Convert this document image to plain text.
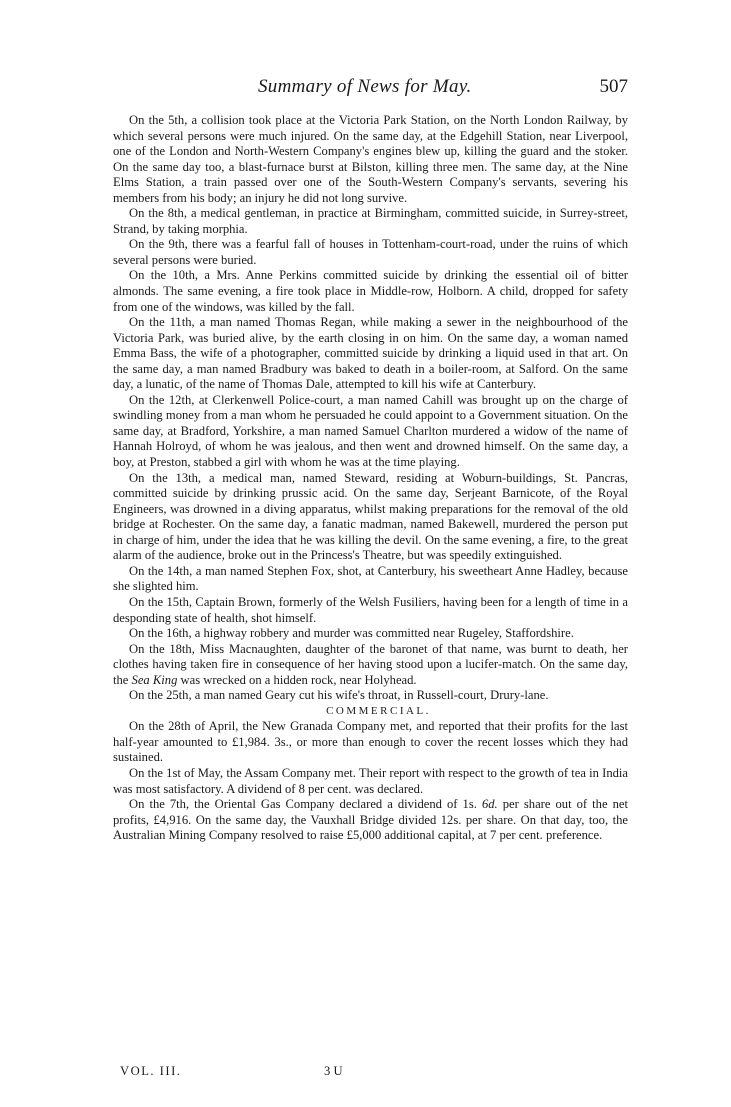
Summary of News for May.	507

On the 5th, a collision took place at the Victoria Park Station, on the North London Railway, by which several persons were much injured. On the same day, at the Edgehill Station, near Liverpool, one of the London and North-Western Company's engines blew up, killing the guard and the stoker. On the same day too, a blast-furnace burst at Bilston, killing three men. The same day, at the Nine Elms Station, a train passed over one of the South-Western Company's servants, severing his members from his body; an injury he did not long survive.

On the 8th, a medical gentleman, in practice at Birmingham, committed suicide, in Surrey-street, Strand, by taking morphia.

On the 9th, there was a fearful fall of houses in Tottenham-court-road, under the ruins of which several persons were buried.

On the 10th, a Mrs. Anne Perkins committed suicide by drinking the essential oil of bitter almonds. The same evening, a fire took place in Middle-row, Holborn. A child, dropped for safety from one of the windows, was killed by the fall.

On the 11th, a man named Thomas Regan, while making a sewer in the neighbourhood of the Victoria Park, was buried alive, by the earth closing in on him. On the same day, a woman named Emma Bass, the wife of a photographer, committed suicide by drinking a liquid used in that art. On the same day, a man named Bradbury was baked to death in a boiler-room, at Salford. On the same day, a lunatic, of the name of Thomas Dale, attempted to kill his wife at Canterbury.

On the 12th, at Clerkenwell Police-court, a man named Cahill was brought up on the charge of swindling money from a man whom he persuaded he could appoint to a Government situation. On the same day, at Bradford, Yorkshire, a man named Samuel Charlton murdered a widow of the name of Hannah Holroyd, of whom he was jealous, and then went and drowned himself. On the same day, a boy, at Preston, stabbed a girl with whom he was at the time playing.

On the 13th, a medical man, named Steward, residing at Woburn-buildings, St. Pancras, committed suicide by drinking prussic acid. On the same day, Serjeant Barnicote, of the Royal Engineers, was drowned in a diving apparatus, whilst making preparations for the removal of the old bridge at Rochester. On the same day, a fanatic madman, named Bakewell, murdered the person put in charge of him, under the idea that he was killing the devil. On the same evening, a fire, to the great alarm of the audience, broke out in the Princess's Theatre, but was speedily extinguished.

On the 14th, a man named Stephen Fox, shot, at Canterbury, his sweetheart Anne Hadley, because she slighted him.

On the 15th, Captain Brown, formerly of the Welsh Fusiliers, having been for a length of time in a desponding state of health, shot himself.

On the 16th, a highway robbery and murder was committed near Rugeley, Staffordshire.

On the 18th, Miss Macnaughten, daughter of the baronet of that name, was burnt to death, her clothes having taken fire in consequence of her having stood upon a lucifer-match. On the same day, the Sea King was wrecked on a hidden rock, near Holyhead.

On the 25th, a man named Geary cut his wife's throat, in Russell-court, Drury-lane.

COMMERCIAL.

On the 28th of April, the New Granada Company met, and reported that their profits for the last half-year amounted to £1,984. 3s., or more than enough to cover the recent losses which they had sustained.

On the 1st of May, the Assam Company met. Their report with respect to the growth of tea in India was most satisfactory. A dividend of 8 per cent. was declared.

On the 7th, the Oriental Gas Company declared a dividend of 1s. 6d. per share out of the net profits, £4,916. On the same day, the Vauxhall Bridge divided 12s. per share. On that day, too, the Australian Mining Company resolved to raise £5,000 additional capital, at 7 per cent. preference.

VOL. III.	3 U
